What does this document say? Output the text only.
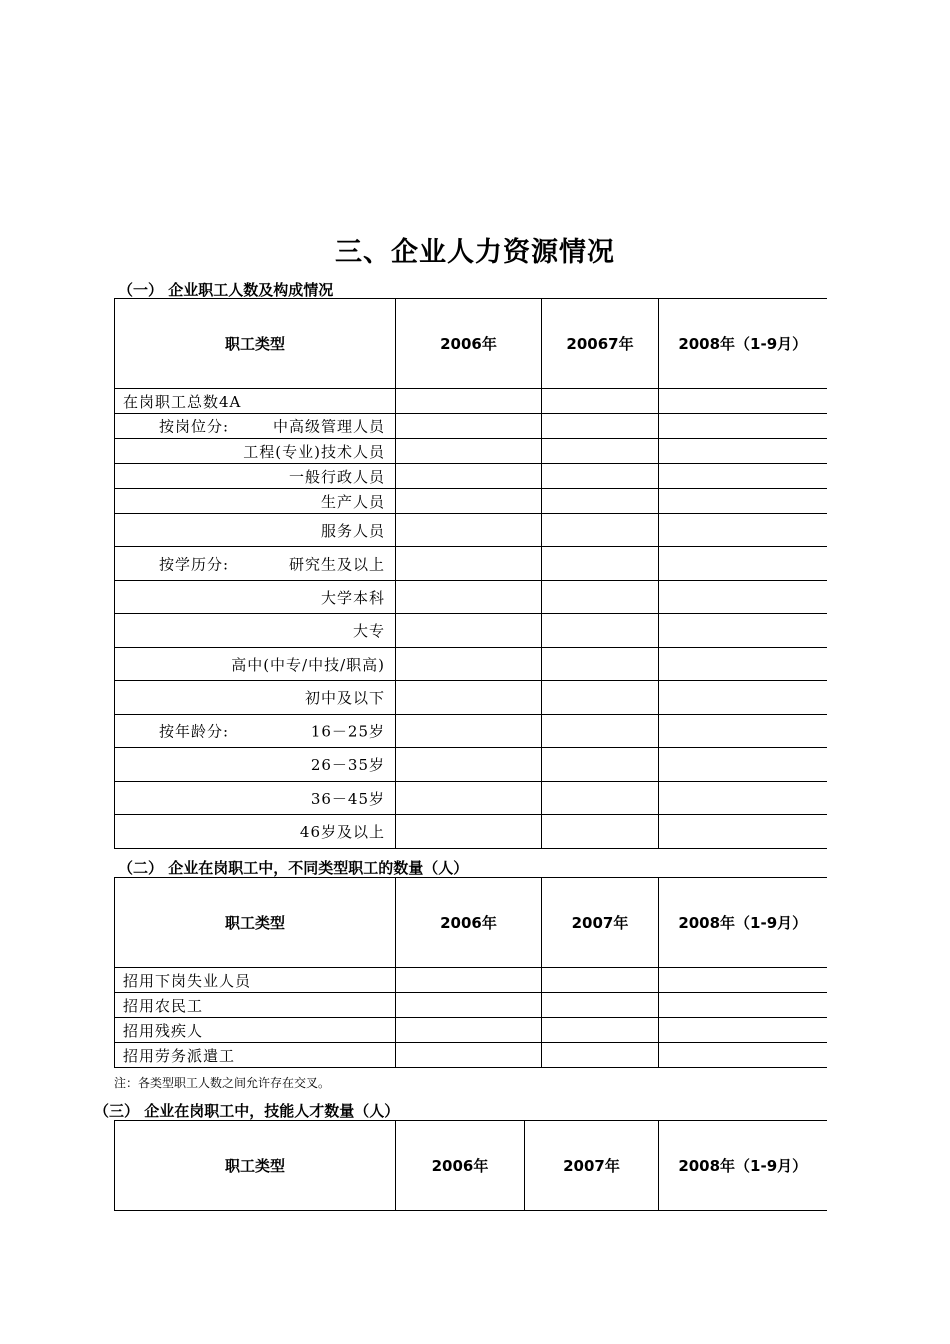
三、企业人力资源情况
（一） 企业职工人数及构成情况
职工类型	2006年	20067年	2008年（1-9月）
在岗职工总数4A			

按岗位分: 中高级管理人员			

工程(专业)技术人员			
一般行政人员			
生产人员			
服务人员			

按学历分: 研究生及以上			

大学本科			
大专			
高中(中专/中技/职高)			
初中及以下			

按年龄分: 16－25岁			

26－35岁			
36－45岁			
46岁及以上			
（二） 企业在岗职工中，不同类型职工的数量（人）
职工类型	2006年	2007年	2008年（1-9月）
招用下岗失业人员			
招用农民工			
招用残疾人			
招用劳务派遣工			
注：各类型职工人数之间允许存在交叉。
（三） 企业在岗职工中，技能人才数量（人）
职工类型	2006年	2007年	2008年（1-9月）
